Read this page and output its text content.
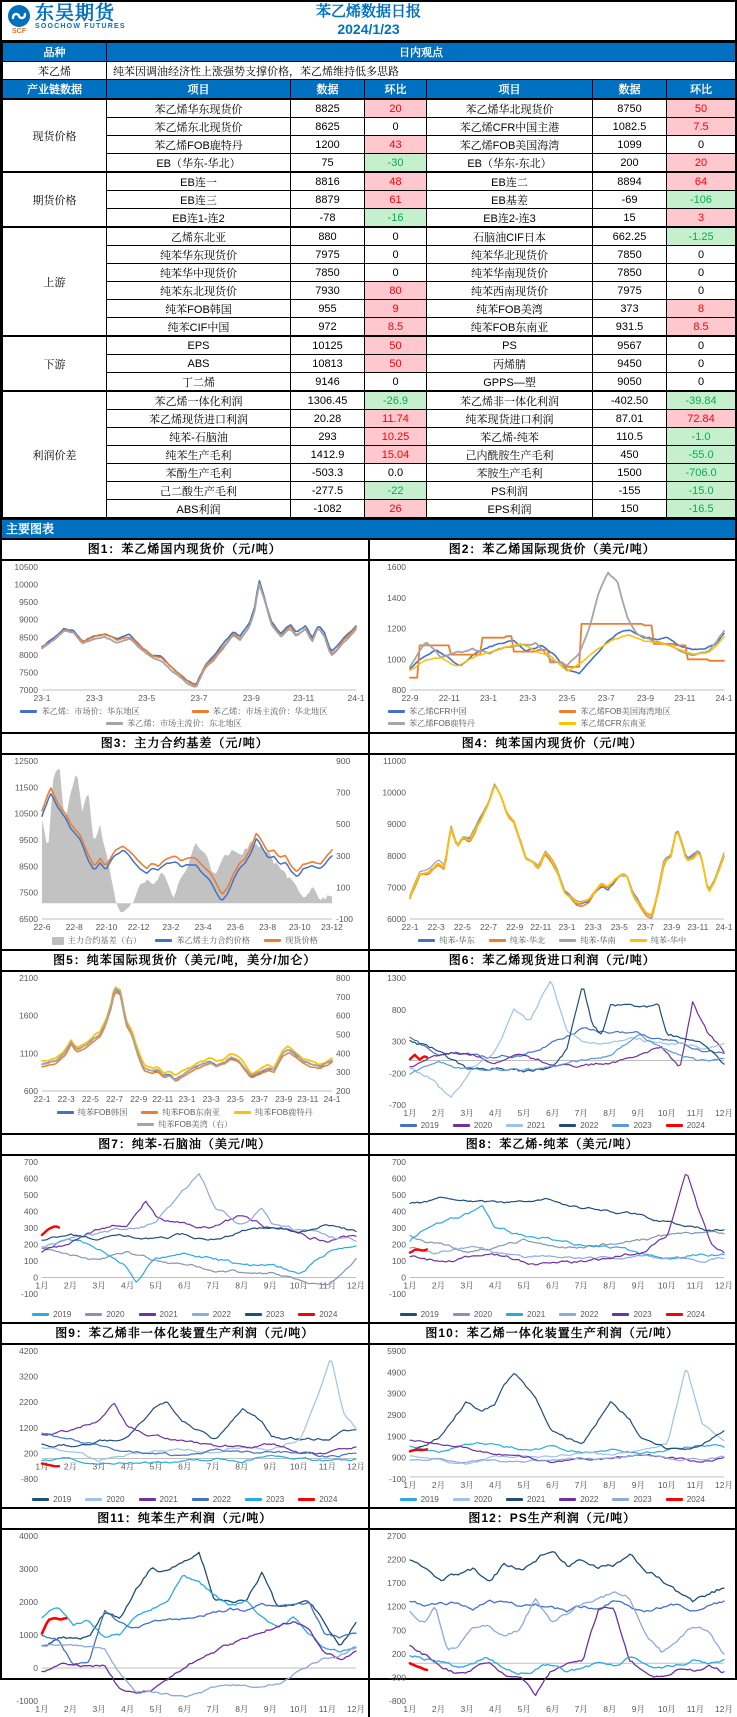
SCF
东吴期货
SOOCHOW FUTURES
苯乙烯数据日报
2024/1/23
品种	日内观点					
苯乙烯	纯苯因调油经济性上涨强势支撑价格，苯乙烯维持低多思路					
产业链数据	项目	数据	环比	项目	数据	环比
现货价格	苯乙烯华东现货价	8825	20	苯乙烯华北现货价	8750	50
	苯乙烯东北现货价	8625	0	苯乙烯CFR中国主港	1082.5	7.5
	苯乙烯FOB鹿特丹	1200	43	苯乙烯FOB美国海湾	1099	0
	EB（华东-华北）	75	-30	EB（华东-东北）	200	20
期货价格	EB连一	8816	48	EB连二	8894	64
	EB连三	8879	61	EB基差	-69	-106
	EB连1-连2	-78	-16	EB连2-连3	15	3
上游	乙烯东北亚	880	0	石脑油CIF日本	662.25	-1.25
	纯苯华东现货价	7975	0	纯苯华北现货价	7850	0
	纯苯华中现货价	7850	0	纯苯华南现货价	7850	0
	纯苯东北现货价	7930	80	纯苯西南现货价	7975	0
	纯苯FOB韩国	955	9	纯苯FOB美湾	373	8
	纯苯CIF中国	972	8.5	纯苯FOB东南亚	931.5	8.5
下游	EPS	10125	50	PS	9567	0
	ABS	10813	50	丙烯腈	9450	0
	丁二烯	9146	0	GPPS—塑	9050	0
利润价差	苯乙烯一体化利润	1306.45	-26.9	苯乙烯非一体化利润	-402.50	-39.84
	苯乙烯现货进口利润	20.28	11.74	纯苯现货进口利润	87.01	72.84
	纯苯-石脑油	293	10.25	苯乙烯-纯苯	110.5	-1.0
	纯苯生产毛利	1412.9	15.04	己内酰胺生产毛利	450	-55.0
	苯酚生产毛利	-503.3	0.0	苯胺生产毛利	1500	-706.0
	己二酸生产毛利	-277.5	-22	PS利润	-155	-15.0
	ABS利润	-1082	26	EPS利润	150	-16.5
主要图表
图1：苯乙烯国内现货价（元/吨）
10500
10000
9500
9000
8500
8000
7500
7000
23-1	23-3	23-5	23-7	23-9	23-11	24-1
苯乙烯：市场价：华东地区	苯乙烯：市场主流价：华北地区
苯乙烯：市场主流价：东北地区
图2：苯乙烯国际现货价（美元/吨）
1600
1400
1200
1000
800
22-9 22-11 23-1	23-3	23-5	23-7	23-9 23-11 24-1
苯乙烯CFR中国	苯乙烯FOB美国海湾地区
苯乙烯FOB鹿特丹	苯乙烯CFR东南亚
图3：主力合约基差（元/吨）
12500
11500
10500
9500
8500
7500
6500
900
700
500
300
100
-100
22-6 22-8 22-10 22-12 23-2 23-4 23-6 23-8 23-10 23-12
主力合约基差（右）	苯乙烯主力合约价格	现货价格
图4：纯苯国内现货价（元/吨）
11000
10000
9000
8000
7000
6000
22-1 22-3 22-5 22-7 22-9 22-11 23-1 23-3 23-5 23-7 23-9 23-11 24-1
纯苯-华东	纯苯-华北	纯苯-华南	纯苯-华中
图5：纯苯国际现货价（美元/吨，美分/加仑）
2100
1600
1100
600
800
700
600
500
400
300
200
22-1 22-3 22-5 22-7 22-9 22-11 23-1 23-3 23-5 23-7 23-9 23-11 24-1
纯苯FOB韩国	纯苯FOB东南亚	纯苯FOB鹿特丹
纯苯FOB美湾（右）
图6：苯乙烯现货进口利润（元/吨）
1300
800
300
-200
-700
1月 2月 3月 4月 5月 6月 7月 8月 9月 10月 11月 12月
2019	2020	2021	2022	2023	2024
图7：纯苯-石脑油（美元/吨）
700
600
500
400
300
200
100
0
-100
1月 2月 3月 4月 5月 6月 7月 8月 9月 10月 11月 12月
2019	2020	2021	2022	2023	2024
图8：苯乙烯-纯苯（美元/吨）
700
600
500
400
300
200
100
0
-100
1月 2月 3月 4月 5月 6月 7月 8月 9月 10月 11月 12月
2019	2020	2021	2022	2023	2024
图9：苯乙烯非一体化装置生产利润（元/吨）
4200
3200
2200
1200
200
-800
1月 2月 3月 4月 5月 6月 7月 8月 9月 10月 11月 12月
2019	2020	2021	2022	2023	2024
图10：苯乙烯一体化装置生产利润（元/吨）
5900
4900
3900
2900
1900
900
-100
1月 2月 3月 4月 5月 6月 7月 8月 9月 10月 11月 12月
2019	2020	2021	2022	2023	2024
图11：纯苯生产利润（元/吨）
4000
3000
2000
1000
0
-1000
1月 2月 3月 4月 5月 6月 7月 8月 9月 10月 11月 12月
图12：PS生产利润（元/吨）
2700
2200
1700
1200
700
200
-300
-800
1月 2月 3月 4月 5月 6月 7月 8月 9月 10月 11月 12月
